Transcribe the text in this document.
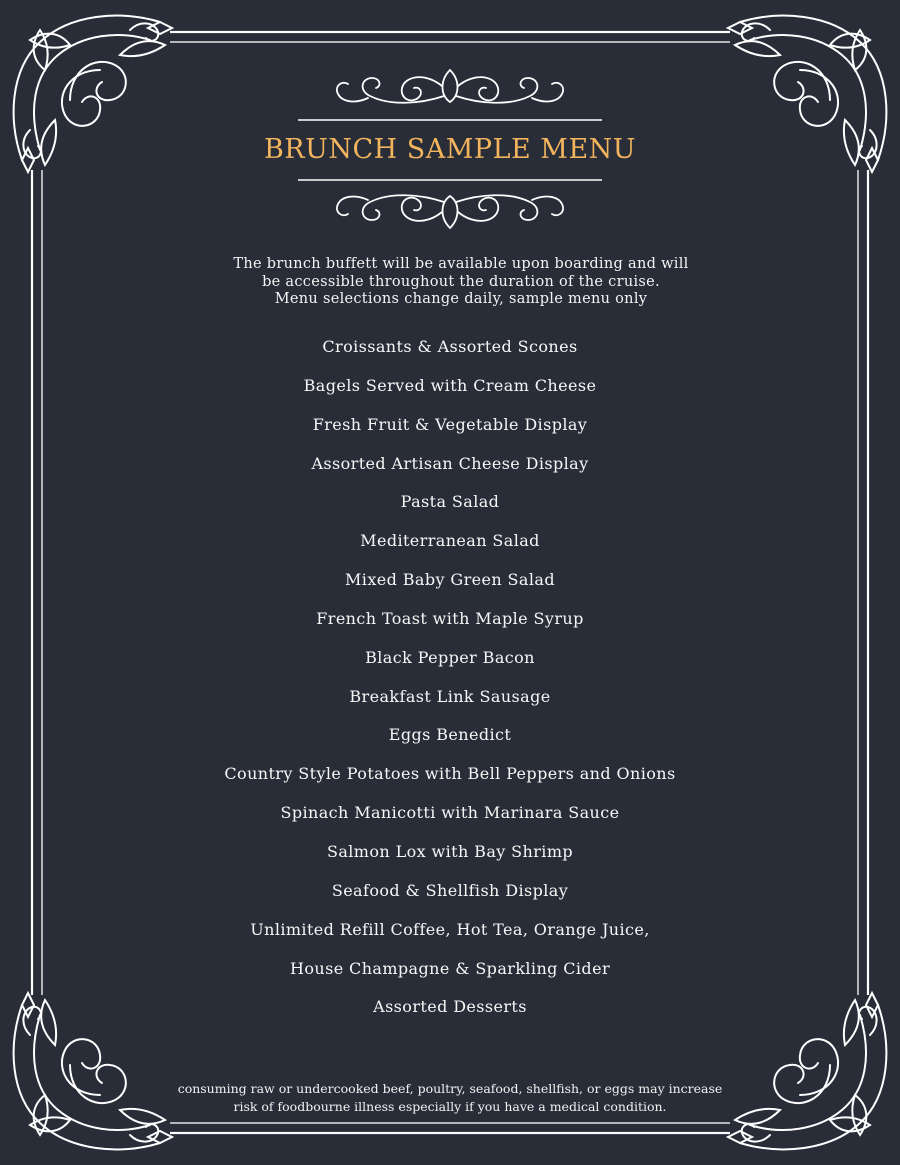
BRUNCH SAMPLE MENU
The brunch buffett will be available upon boarding and will
be accessible throughout the duration of the cruise.
Menu selections change daily, sample menu only
Croissants & Assorted Scones
Bagels Served with Cream Cheese
Fresh Fruit & Vegetable Display
Assorted Artisan Cheese Display
Pasta Salad
Mediterranean Salad
Mixed Baby Green Salad
French Toast with Maple Syrup
Black Pepper Bacon
Breakfast Link Sausage
Eggs Benedict
Country Style Potatoes with Bell Peppers and Onions
Spinach Manicotti with Marinara Sauce
Salmon Lox with Bay Shrimp
Seafood & Shellfish Display
Unlimited Refill Coffee, Hot Tea, Orange Juice,
House Champagne & Sparkling Cider
Assorted Desserts
consuming raw or undercooked beef, poultry, seafood, shellfish, or eggs may increase
risk of foodbourne illness especially if you have a medical condition.
